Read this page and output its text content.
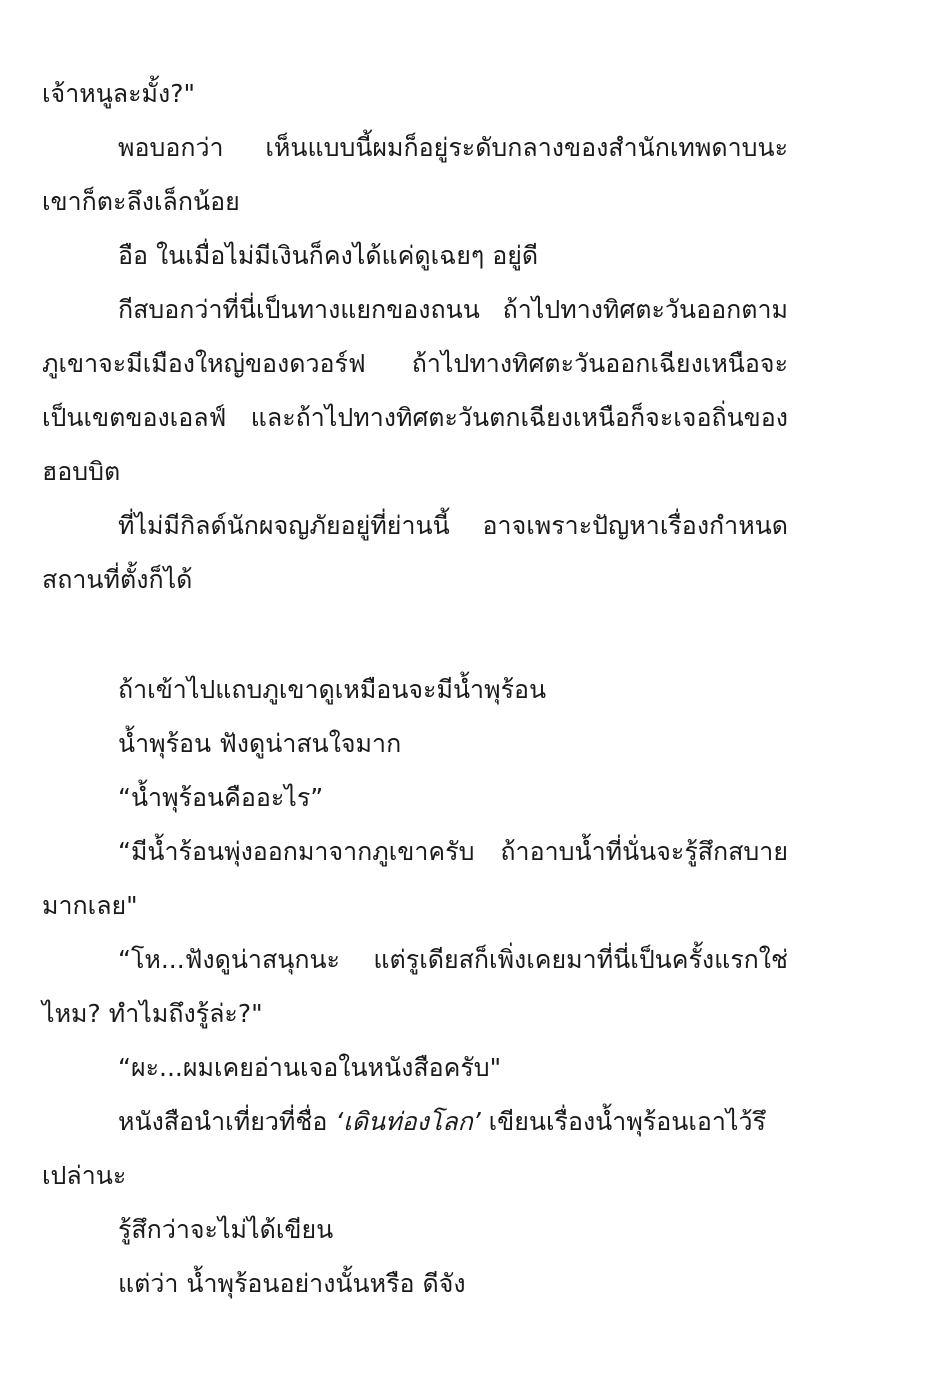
เจ้าหนูละมั้ง?"
พอบอกว่า เห็นแบบนี้ผมก็อยู่ระดับกลางของสำนักเทพดาบนะ
เขาก็ตะลึงเล็กน้อย
อือ ในเมื่อไม่มีเงินก็คงได้แค่ดูเฉยๆ อยู่ดี
กีสบอกว่าที่นี่เป็นทางแยกของถนน ถ้าไปทางทิศตะวันออกตาม
ภูเขาจะมีเมืองใหญ่ของดวอร์ฟ ถ้าไปทางทิศตะวันออกเฉียงเหนือจะ
เป็นเขตของเอลฟ์ และถ้าไปทางทิศตะวันตกเฉียงเหนือก็จะเจอถิ่นของ
ฮอบบิต
ที่ไม่มีกิลด์นักผจญภัยอยู่ที่ย่านนี้ อาจเพราะปัญหาเรื่องกำหนด
สถานที่ตั้งก็ได้
ถ้าเข้าไปแถบภูเขาดูเหมือนจะมีน้ำพุร้อน
น้ำพุร้อน ฟังดูน่าสนใจมาก
“น้ำพุร้อนคืออะไร”
“มีน้ำร้อนพุ่งออกมาจากภูเขาครับ ถ้าอาบน้ำที่นั่นจะรู้สึกสบาย
มากเลย"
“โห...ฟังดูน่าสนุกนะ แต่รูเดียสก็เพิ่งเคยมาที่นี่เป็นครั้งแรกใช่
ไหม? ทำไมถึงรู้ล่ะ?"
“ผะ...ผมเคยอ่านเจอในหนังสือครับ"
หนังสือนำเที่ยวที่ชื่อ ‘เดินท่องโลก’ เขียนเรื่องน้ำพุร้อนเอาไว้รึ
เปล่านะ
รู้สึกว่าจะไม่ได้เขียน
แต่ว่า น้ำพุร้อนอย่างนั้นหรือ ดีจัง
